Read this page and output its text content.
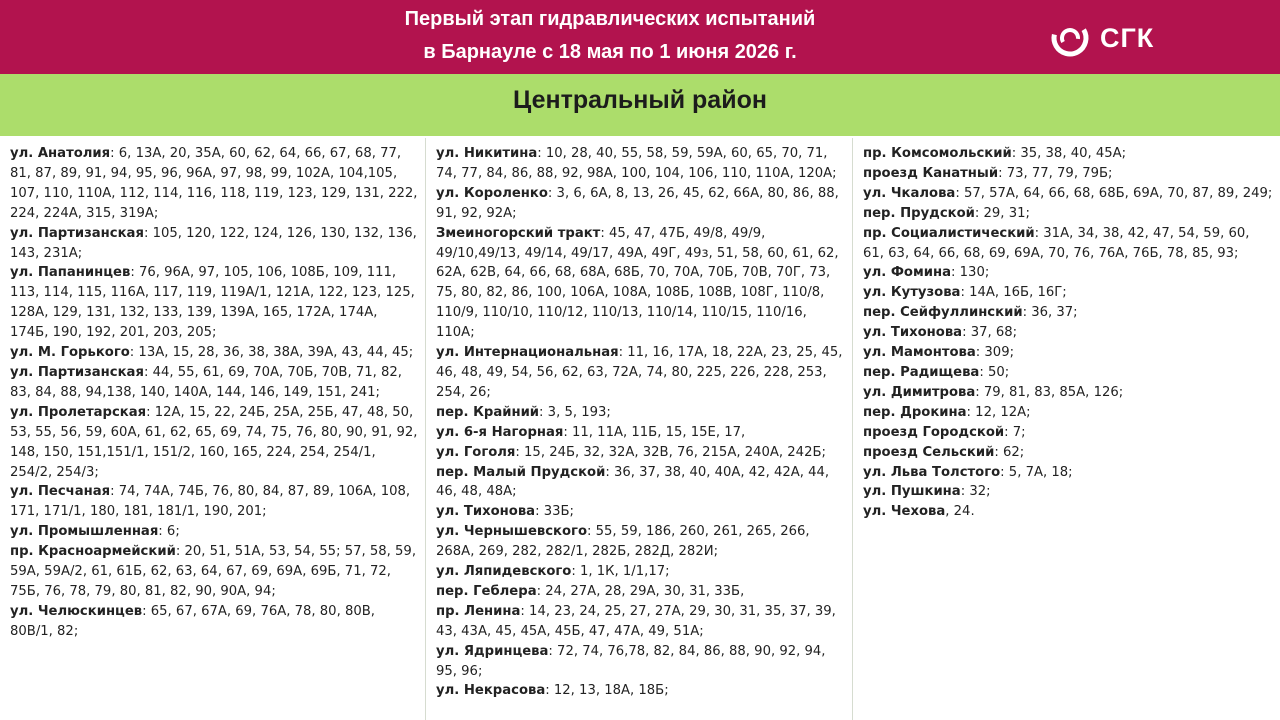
Первый этап гидравлических испытаний
в Барнауле с 18 мая по 1 июня 2026 г.	СГК
Центральный район
ул. Анатолия: 6, 13А, 20, 35А, 60, 62, 64, 66, 67, 68, 77, 81, 87, 89, 91, 94, 95, 96, 96А, 97, 98, 99, 102А, 104,105, 107, 110, 110А, 112, 114, 116, 118, 119, 123, 129, 131, 222, 224, 224А, 315, 319А;
ул. Партизанская: 105, 120, 122, 124, 126, 130, 132, 136, 143, 231А;
ул. Папанинцев: 76, 96А, 97, 105, 106, 108Б, 109, 111, 113, 114, 115, 116А, 117, 119, 119А/1, 121А, 122, 123, 125, 128А, 129, 131, 132, 133, 139, 139А, 165, 172А, 174А, 174Б, 190, 192, 201, 203, 205;
ул. М. Горького: 13А, 15, 28, 36, 38, 38А, 39А, 43, 44, 45;
ул. Партизанская: 44, 55, 61, 69, 70А, 70Б, 70В, 71, 82, 83, 84, 88, 94,138, 140, 140А, 144, 146, 149, 151, 241;
ул. Пролетарская: 12А, 15, 22, 24Б, 25А, 25Б, 47, 48, 50, 53, 55, 56, 59, 60А, 61, 62, 65, 69, 74, 75, 76, 80, 90, 91, 92, 148, 150, 151,151/1, 151/2, 160, 165, 224, 254, 254/1, 254/2, 254/3;
ул. Песчаная: 74, 74А, 74Б, 76, 80, 84, 87, 89, 106А, 108, 171, 171/1, 180, 181, 181/1, 190, 201;
ул. Промышленная: 6;
пр. Красноармейский: 20, 51, 51А, 53, 54, 55; 57, 58, 59, 59А, 59А/2, 61, 61Б, 62, 63, 64, 67, 69, 69А, 69Б, 71, 72, 75Б, 76, 78, 79, 80, 81, 82, 90, 90А, 94;
ул. Челюскинцев: 65, 67, 67А, 69, 76А, 78, 80, 80В, 80В/1, 82;
ул. Никитина: 10, 28, 40, 55, 58, 59, 59А, 60, 65, 70, 71, 74, 77, 84, 86, 88, 92, 98А, 100, 104, 106, 110, 110А, 120А;
ул. Короленко: 3, 6, 6А, 8, 13, 26, 45, 62, 66А, 80, 86, 88, 91, 92, 92А;
Змеиногорский тракт: 45, 47, 47Б, 49/8, 49/9, 49/10,49/13, 49/14, 49/17, 49А, 49Г, 49з, 51, 58, 60, 61, 62, 62А, 62В, 64, 66, 68, 68А, 68Б, 70, 70А, 70Б, 70В, 70Г, 73, 75, 80, 82, 86, 100, 106А, 108А, 108Б, 108В, 108Г, 110/8, 110/9, 110/10, 110/12, 110/13, 110/14, 110/15, 110/16, 110А;
ул. Интернациональная: 11, 16, 17А, 18, 22А, 23, 25, 45, 46, 48, 49, 54, 56, 62, 63, 72А, 74, 80, 225, 226, 228, 253, 254, 26;
пер. Крайний: 3, 5, 193;
ул. 6-я Нагорная: 11, 11А, 11Б, 15, 15Е, 17,
ул. Гоголя: 15, 24Б, 32, 32А, 32В, 76, 215А, 240А, 242Б;
пер. Малый Прудской: 36, 37, 38, 40, 40А, 42, 42А, 44, 46, 48, 48А;
ул. Тихонова: 33Б;
ул. Чернышевского: 55, 59, 186, 260, 261, 265, 266, 268А, 269, 282, 282/1, 282Б, 282Д, 282И;
ул. Ляпидевского: 1, 1К, 1/1,17;
пер. Геблера: 24, 27А, 28, 29А, 30, 31, 33Б,
пр. Ленина: 14, 23, 24, 25, 27, 27А, 29, 30, 31, 35, 37, 39, 43, 43А, 45, 45А, 45Б, 47, 47А, 49, 51А;
ул. Ядринцева: 72, 74, 76,78, 82, 84, 86, 88, 90, 92, 94, 95, 96;
ул. Некрасова: 12, 13, 18А, 18Б;
пр. Комсомольский: 35, 38, 40, 45А;
проезд Канатный: 73, 77, 79, 79Б;
ул. Чкалова: 57, 57А, 64, 66, 68, 68Б, 69А, 70, 87, 89, 249;
пер. Прудской: 29, 31;
пр. Социалистический: 31А, 34, 38, 42, 47, 54, 59, 60, 61, 63, 64, 66, 68, 69, 69А, 70, 76, 76А, 76Б, 78, 85, 93;
ул. Фомина: 130;
ул. Кутузова: 14А, 16Б, 16Г;
пер. Сейфуллинский: 36, 37;
ул. Тихонова: 37, 68;
ул. Мамонтова: 309;
пер. Радищева: 50;
ул. Димитрова: 79, 81, 83, 85А, 126;
пер. Дрокина: 12, 12А;
проезд Городской: 7;
проезд Сельский: 62;
ул. Льва Толстого: 5, 7А, 18;
ул. Пушкина: 32;
ул. Чехова, 24.
